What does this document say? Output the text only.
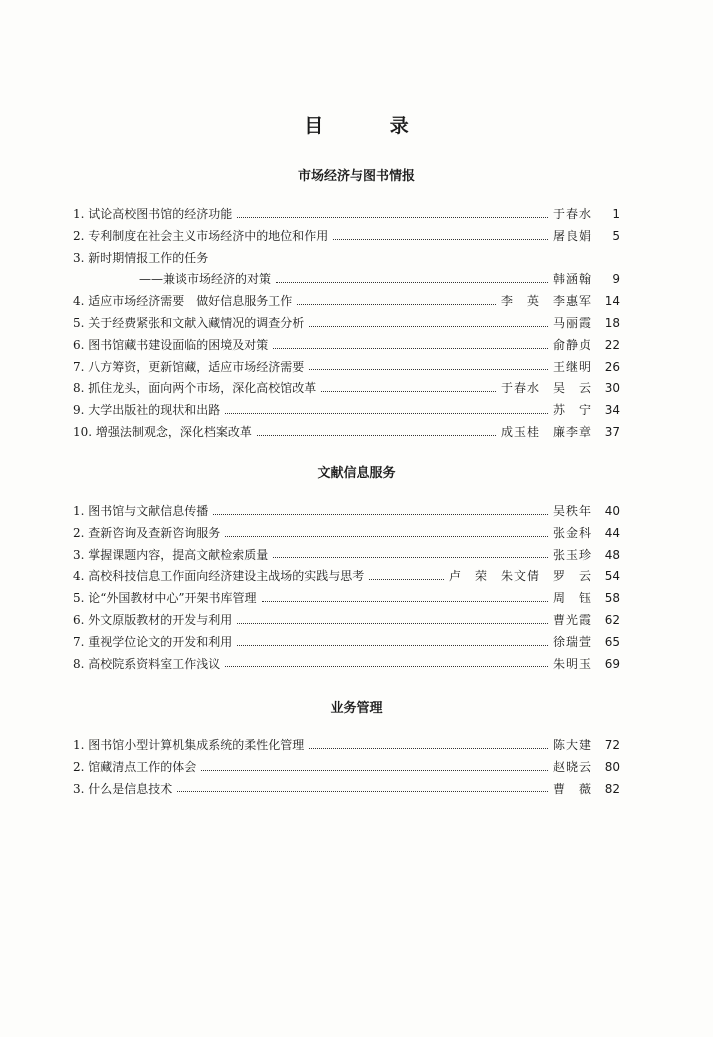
目 录
市场经济与图书情报
1. 试论高校图书馆的经济功能	于春水	1
2. 专利制度在社会主义市场经济中的地位和作用	屠良娟	5
3. 新时期情报工作的任务
——兼谈市场经济的对策	韩涵翰	9
4. 适应市场经济需要　做好信息服务工作	李　英　李惠军	14
5. 关于经费紧张和文献入藏情况的调查分析	马丽霞	18
6. 图书馆藏书建设面临的困境及对策	俞静贞	22
7. 八方筹资，更新馆藏，适应市场经济需要	王继明	26
8. 抓住龙头，面向两个市场，深化高校馆改革	于春水　吴　云	30
9. 大学出版社的现状和出路	苏　宁	34
10. 增强法制观念，深化档案改革	成玉桂　廉李章	37
文献信息服务
1. 图书馆与文献信息传播	吴秩年	40
2. 查新咨询及查新咨询服务	张金科	44
3. 掌握课题内容，提高文献检索质量	张玉珍	48
4. 高校科技信息工作面向经济建设主战场的实践与思考	卢　荣　朱文倩　罗　云	54
5. 论“外国教材中心”开架书库管理	周　钰	58
6. 外文原版教材的开发与利用	曹光霞	62
7. 重视学位论文的开发和利用	徐瑞萱	65
8. 高校院系资料室工作浅议	朱明玉	69
业务管理
1. 图书馆小型计算机集成系统的柔性化管理	陈大建	72
2. 馆藏清点工作的体会	赵晓云	80
3. 什么是信息技术	曹　薇	82
